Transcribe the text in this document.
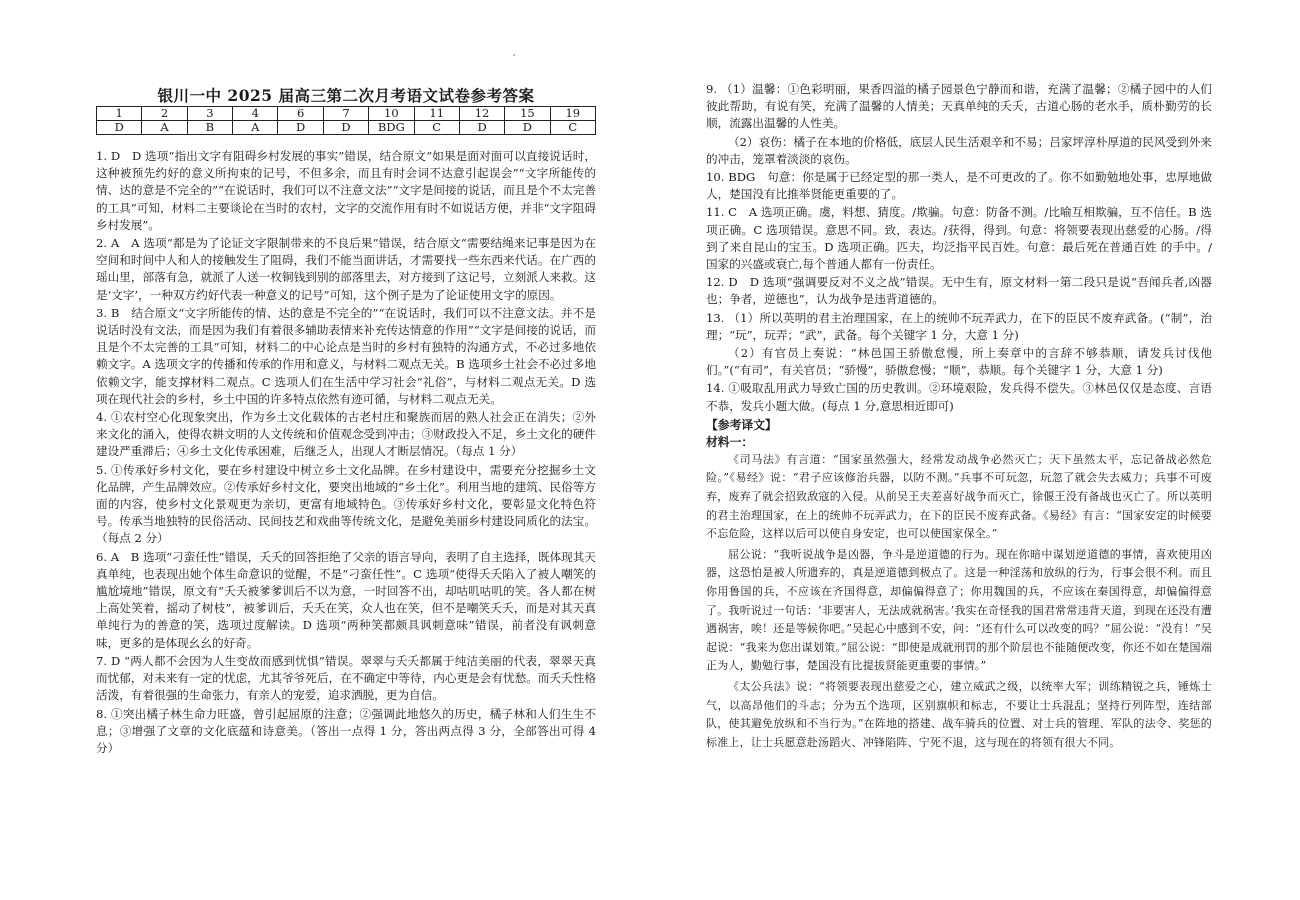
银川一中 2025 届高三第二次月考语文试卷参考答案
1	2	3	4	6	7	10	11	12	15	19
D	A	B	A	D	D	BDG	C	D	D	C

1. D　D 选项“指出文字有阻碍乡村发展的事实”错误，结合原文“如果是面对面可以直接说话时，这种被预先约好的意义所拘束的记号，不但多余，而且有时会词不达意引起误会”“文字所能传的情、达的意是不完全的”“在说话时，我们可以不注意文法”“文字是间接的说话，而且是个不太完善的工具”可知，材料二主要谈论在当时的农村，文字的交流作用有时不如说话方便，并非“文字阻碍乡村发展”。

2. A　A 选项“都是为了论证文字限制带来的不良后果”错误，结合原文“需要结绳来记事是因为在空间和时间中人和人的接触发生了阻碍，我们不能当面讲话，才需要找一些东西来代话。在广西的瑶山里，部落有急，就派了人送一枚铜钱到别的部落里去，对方接到了这记号，立刻派人来救。这是‘文字’，一种双方约好代表一种意义的记号”可知，这个例子是为了论证使用文字的原因。

3. B　结合原文“文字所能传的情、达的意是不完全的”“在说话时，我们可以不注意文法。并不是说话时没有文法，而是因为我们有着很多辅助表情来补充传达情意的作用”“文字是间接的说话，而且是个不太完善的工具”可知，材料二的中心论点是当时的乡村有独特的沟通方式，不必过多地依赖文字。A 选项文字的传播和传承的作用和意义，与材料二观点无关。B 选项乡土社会不必过多地依赖文字，能支撑材料二观点。C 选项人们在生活中学习社会“礼俗”，与材料二观点无关。D 选项在现代社会的乡村，乡土中国的许多特点依然有迹可循，与材料二观点无关。

4. ①农村空心化现象突出，作为乡土文化载体的古老村庄和聚族而居的熟人社会正在消失；②外来文化的涌入，使得农耕文明的人文传统和价值观念受到冲击；③财政投入不足，乡土文化的硬件建设严重滞后；④乡土文化传承困难，后继乏人，出现人才断层情况。（每点 1 分）

5. ①传承好乡村文化，要在乡村建设中树立乡土文化品牌。在乡村建设中，需要充分挖掘乡土文化品牌，产生品牌效应。②传承好乡村文化，要突出地域的“乡土化”。利用当地的建筑、民俗等方面的内容，使乡村文化景观更为亲切，更富有地域特色。③传承好乡村文化，要彰显文化特色符号。传承当地独特的民俗活动、民间技艺和戏曲等传统文化，是避免美丽乡村建设同质化的法宝。（每点 2 分）

6. A　B 选项“刁蛮任性”错误，夭夭的回答拒绝了父亲的语言导向，表明了自主选择，既体现其天真单纯，也表现出她个体生命意识的觉醒，不是“刁蛮任性”。C 选项“使得夭夭陷入了被人嘲笑的尴尬境地”错误，原文有“夭夭被爹爹训后不以为意，一时回答不出，却咕叽咕叽的笑。各人都在树上高处笑着，摇动了树枝”，被爹训后，夭夭在笑，众人也在笑，但不是嘲笑夭夭，而是对其天真单纯行为的善意的笑，选项过度解读。D 选项“两种笑都颇具讽刺意味”错误，前者没有讽刺意味，更多的是体现幺幺的好奇。

7. D “两人都不会因为人生变故而感到忧惧”错误。翠翠与夭夭都属于纯洁美丽的代表，翠翠天真而忧郁，对未来有一定的忧虑，尤其爷爷死后，在不确定中等待，内心更是会有忧愁。而夭夭性格活泼，有着很强的生命张力，有亲人的宠爱，追求洒脱，更为自信。

8. ①突出橘子林生命力旺盛，曾引起屈原的注意；②强调此地悠久的历史，橘子林和人们生生不息；③增强了文章的文化底蕴和诗意美。（答出一点得 1 分，答出两点得 3 分，全部答出可得 4 分）

9. （1）温馨：①色彩明丽，果香四溢的橘子园景色宁静而和谐，充满了温馨；②橘子园中的人们彼此帮助，有说有笑，充满了温馨的人情美；天真单纯的夭夭，古道心肠的老水手，质朴勤劳的长顺，流露出温馨的人性美。

（2）哀伤：橘子在本地的价格低，底层人民生活艰辛和不易；吕家坪淳朴厚道的民风受到外来的冲击，笼罩着淡淡的哀伤。

10. BDG　句意：你是属于已经定型的那一类人，是不可更改的了。你不如勤勉地处事，忠厚地做人，楚国没有比推举贤能更重要的了。

11. C　A 选项正确。虞，料想、猜度。/欺骗。句意：防备不测。/比喻互相欺骗，互不信任。B 选项正确。C 选项错误。意思不同。致，表达。/获得，得到。句意：将领要表现出慈爱的心肠。/得到了来自昆山的宝玉。D 选项正确。匹夫，均泛指平民百姓。句意：最后死在普通百姓 的手中。/国家的兴盛或衰亡,每个普通人都有一份责任。

12. D　D 选项“强调要反对不义之战”错误。无中生有，原文材料一第二段只是说“吾闻兵者,凶器也；争者，逆德也”，认为战争是违背道德的。

13. （1）所以英明的君主治理国家，在上的统帅不玩弄武力，在下的臣民不废弃武备。(“制”，治理；“玩”，玩弄；“武”，武备。每个关键字 1 分，大意 1 分)

（2）有官员上奏说：“林邑国王骄傲怠慢，所上奏章中的言辞不够恭顺，请发兵讨伐他们。”(“有司”，有关官员；“骄慢”，骄傲怠慢；“顺”，恭顺。每个关键字 1 分，大意 1 分)

14. ①吸取乱用武力导致亡国的历史教训。②环境艰险，发兵得不偿失。③林邑仅仅是态度、言语不恭，发兵小题大做。(每点 1 分,意思相近即可)

【参考译文】
材料一：

《司马法》有言道：“国家虽然强大，经常发动战争必然灭亡；天下虽然太平，忘记备战必然危险。”《易经》说：“君子应该修治兵器，以防不测。”兵事不可玩忽，玩忽了就会失去威力；兵事不可废弃，废弃了就会招致敌寇的入侵。从前吴王夫差喜好战争而灭亡，徐偃王没有备战也灭亡了。所以英明的君主治理国家，在上的统帅不玩弄武力，在下的臣民不废弃武备。《易经》有言：“国家安定的时候要不忘危险，这样以后可以使自身安定，也可以使国家保全。”

屈公说：“我听说战争是凶器，争斗是逆道德的行为。现在你暗中谋划逆道德的事情，喜欢使用凶器，这恐怕是被人所遗弃的，真是逆道德到极点了。这是一种淫荡和放纵的行为，行事会很不利。而且你用鲁国的兵，不应该在齐国得意，却偏偏得意了；你用魏国的兵，不应该在秦国得意，却偏偏得意了。我听说过一句话：‘非要害人，无法成就祸害。’我实在奇怪我的国君常常违背天道，到现在还没有遭遇祸害，唉！还是等候你吧。”吴起心中感到不安，问：“还有什么可以改变的吗？”屈公说：“没有！”吴起说：“我来为您出谋划策。”屈公说：“即使是成就刑罚的那个阶层也不能随便改变，你还不如在楚国端正为人，勤勉行事，楚国没有比提拔贤能更重要的事情。”

《太公兵法》说：“将领要表现出慈爱之心，建立威武之级，以统率大军；训练精锐之兵，锤炼士气，以高昂他们的斗志；分为五个选项，区别旗帜和标志，不要让士兵混乱；坚持行列阵型，连结部队，使其避免放纵和不当行为。”在阵地的搭建、战车骑兵的位置、对士兵的管理、军队的法令、奖惩的标准上，让士兵愿意赴汤蹈火、冲锋陷阵、宁死不退，这与现在的将领有很大不同。
